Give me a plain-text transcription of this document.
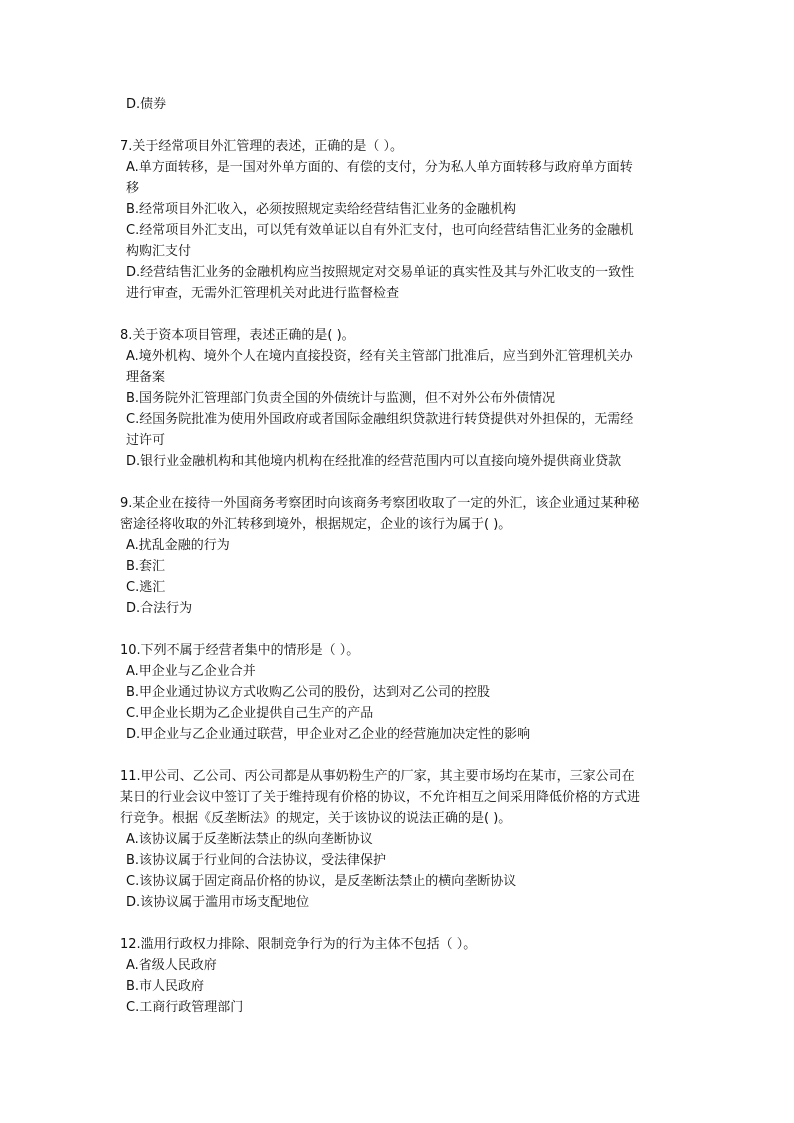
D.债券
7.关于经常项目外汇管理的表述，正确的是（ ）。
A.单方面转移，是一国对外单方面的、有偿的支付，分为私人单方面转移与政府单方面转
移
B.经常项目外汇收入，必须按照规定卖给经营结售汇业务的金融机构
C.经常项目外汇支出，可以凭有效单证以自有外汇支付，也可向经营结售汇业务的金融机
构购汇支付
D.经营结售汇业务的金融机构应当按照规定对交易单证的真实性及其与外汇收支的一致性
进行审查，无需外汇管理机关对此进行监督检查
8.关于资本项目管理，表述正确的是( )。
A.境外机构、境外个人在境内直接投资，经有关主管部门批准后，应当到外汇管理机关办
理备案
B.国务院外汇管理部门负责全国的外债统计与监测，但不对外公布外债情况
C.经国务院批准为使用外国政府或者国际金融组织贷款进行转贷提供对外担保的，无需经
过许可
D.银行业金融机构和其他境内机构在经批准的经营范围内可以直接向境外提供商业贷款
9.某企业在接待一外国商务考察团时向该商务考察团收取了一定的外汇，该企业通过某种秘
密途径将收取的外汇转移到境外，根据规定，企业的该行为属于( )。
A.扰乱金融的行为
B.套汇
C.逃汇
D.合法行为
10.下列不属于经营者集中的情形是（ ）。
A.甲企业与乙企业合并
B.甲企业通过协议方式收购乙公司的股份，达到对乙公司的控股
C.甲企业长期为乙企业提供自己生产的产品
D.甲企业与乙企业通过联营，甲企业对乙企业的经营施加决定性的影响
11.甲公司、乙公司、丙公司都是从事奶粉生产的厂家，其主要市场均在某市，三家公司在
某日的行业会议中签订了关于维持现有价格的协议，不允许相互之间采用降低价格的方式进
行竞争。根据《反垄断法》的规定，关于该协议的说法正确的是( )。
A.该协议属于反垄断法禁止的纵向垄断协议
B.该协议属于行业间的合法协议，受法律保护
C.该协议属于固定商品价格的协议，是反垄断法禁止的横向垄断协议
D.该协议属于滥用市场支配地位
12.滥用行政权力排除、限制竞争行为的行为主体不包括（ ）。
A.省级人民政府
B.市人民政府
C.工商行政管理部门
